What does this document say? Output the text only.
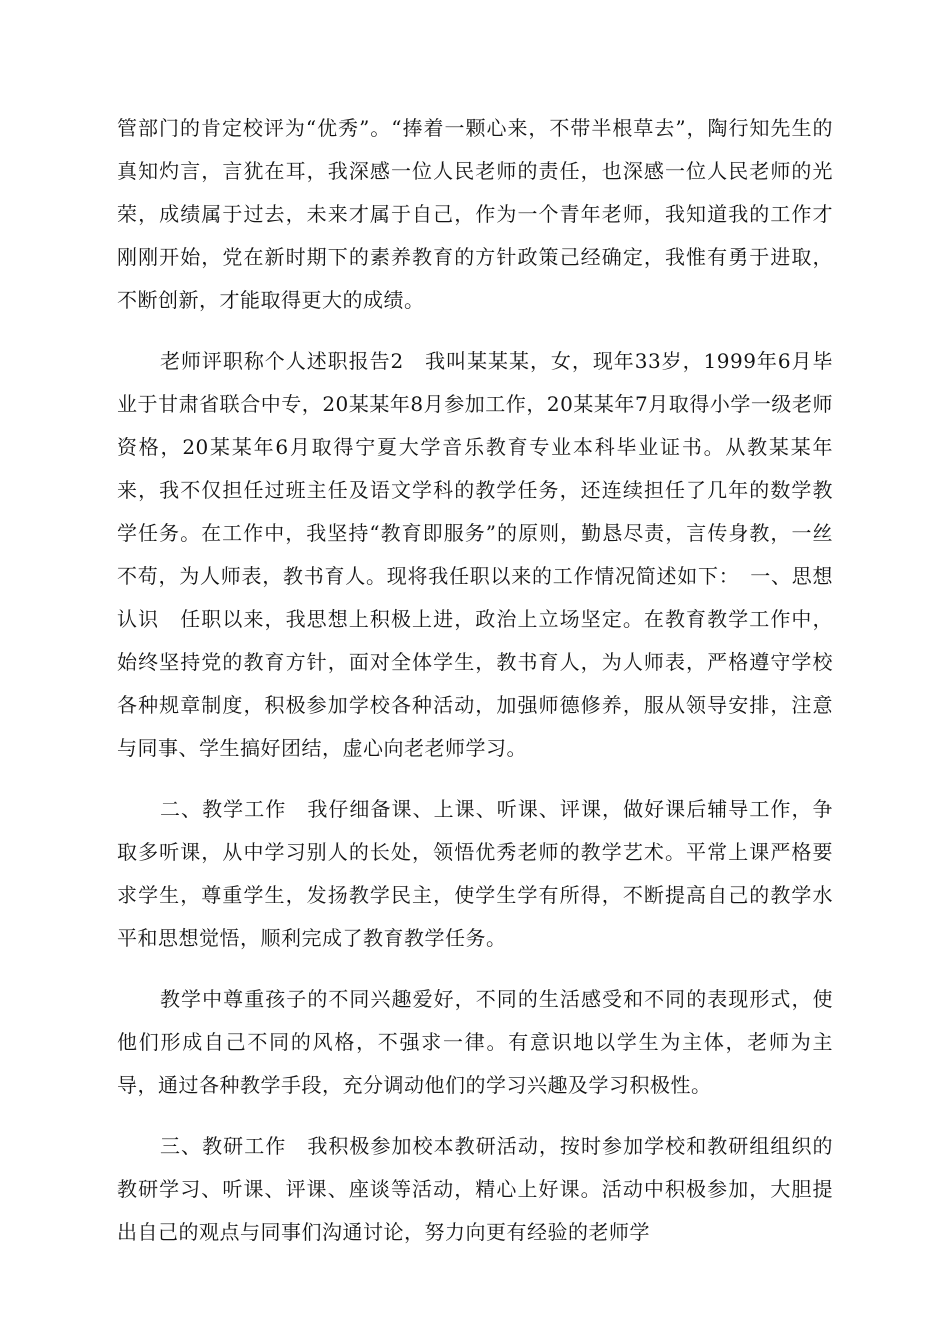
管部门的肯定校评为“优秀”。“捧着一颗心来，不带半根草去”，陶行知先生的真知灼言，言犹在耳，我深感一位人民老师的责任，也深感一位人民老师的光荣，成绩属于过去，未来才属于自己，作为一个青年老师，我知道我的工作才刚刚开始，党在新时期下的素养教育的方针政策己经确定，我惟有勇于进取，不断创新，才能取得更大的成绩。

老师评职称个人述职报告2　我叫某某某，女，现年33岁，1999年6月毕业于甘肃省联合中专，20某某年8月参加工作，20某某年7月取得小学一级老师资格，20某某年6月取得宁夏大学音乐教育专业本科毕业证书。从教某某年来，我不仅担任过班主任及语文学科的教学任务，还连续担任了几年的数学教学任务。在工作中，我坚持“教育即服务”的原则，勤恳尽责，言传身教，一丝不苟，为人师表，教书育人。现将我任职以来的工作情况简述如下：　一、思想认识　任职以来，我思想上积极上进，政治上立场坚定。在教育教学工作中，始终坚持党的教育方针，面对全体学生，教书育人，为人师表，严格遵守学校各种规章制度，积极参加学校各种活动，加强师德修养，服从领导安排，注意与同事、学生搞好团结，虚心向老老师学习。

二、教学工作　我仔细备课、上课、听课、评课，做好课后辅导工作，争取多听课，从中学习别人的长处，领悟优秀老师的教学艺术。平常上课严格要求学生，尊重学生，发扬教学民主，使学生学有所得，不断提高自己的教学水平和思想觉悟，顺利完成了教育教学任务。

教学中尊重孩子的不同兴趣爱好，不同的生活感受和不同的表现形式，使他们形成自己不同的风格，不强求一律。有意识地以学生为主体，老师为主导，通过各种教学手段，充分调动他们的学习兴趣及学习积极性。

三、教研工作　我积极参加校本教研活动，按时参加学校和教研组组织的教研学习、听课、评课、座谈等活动，精心上好课。活动中积极参加，大胆提出自己的观点与同事们沟通讨论，努力向更有经验的老师学
